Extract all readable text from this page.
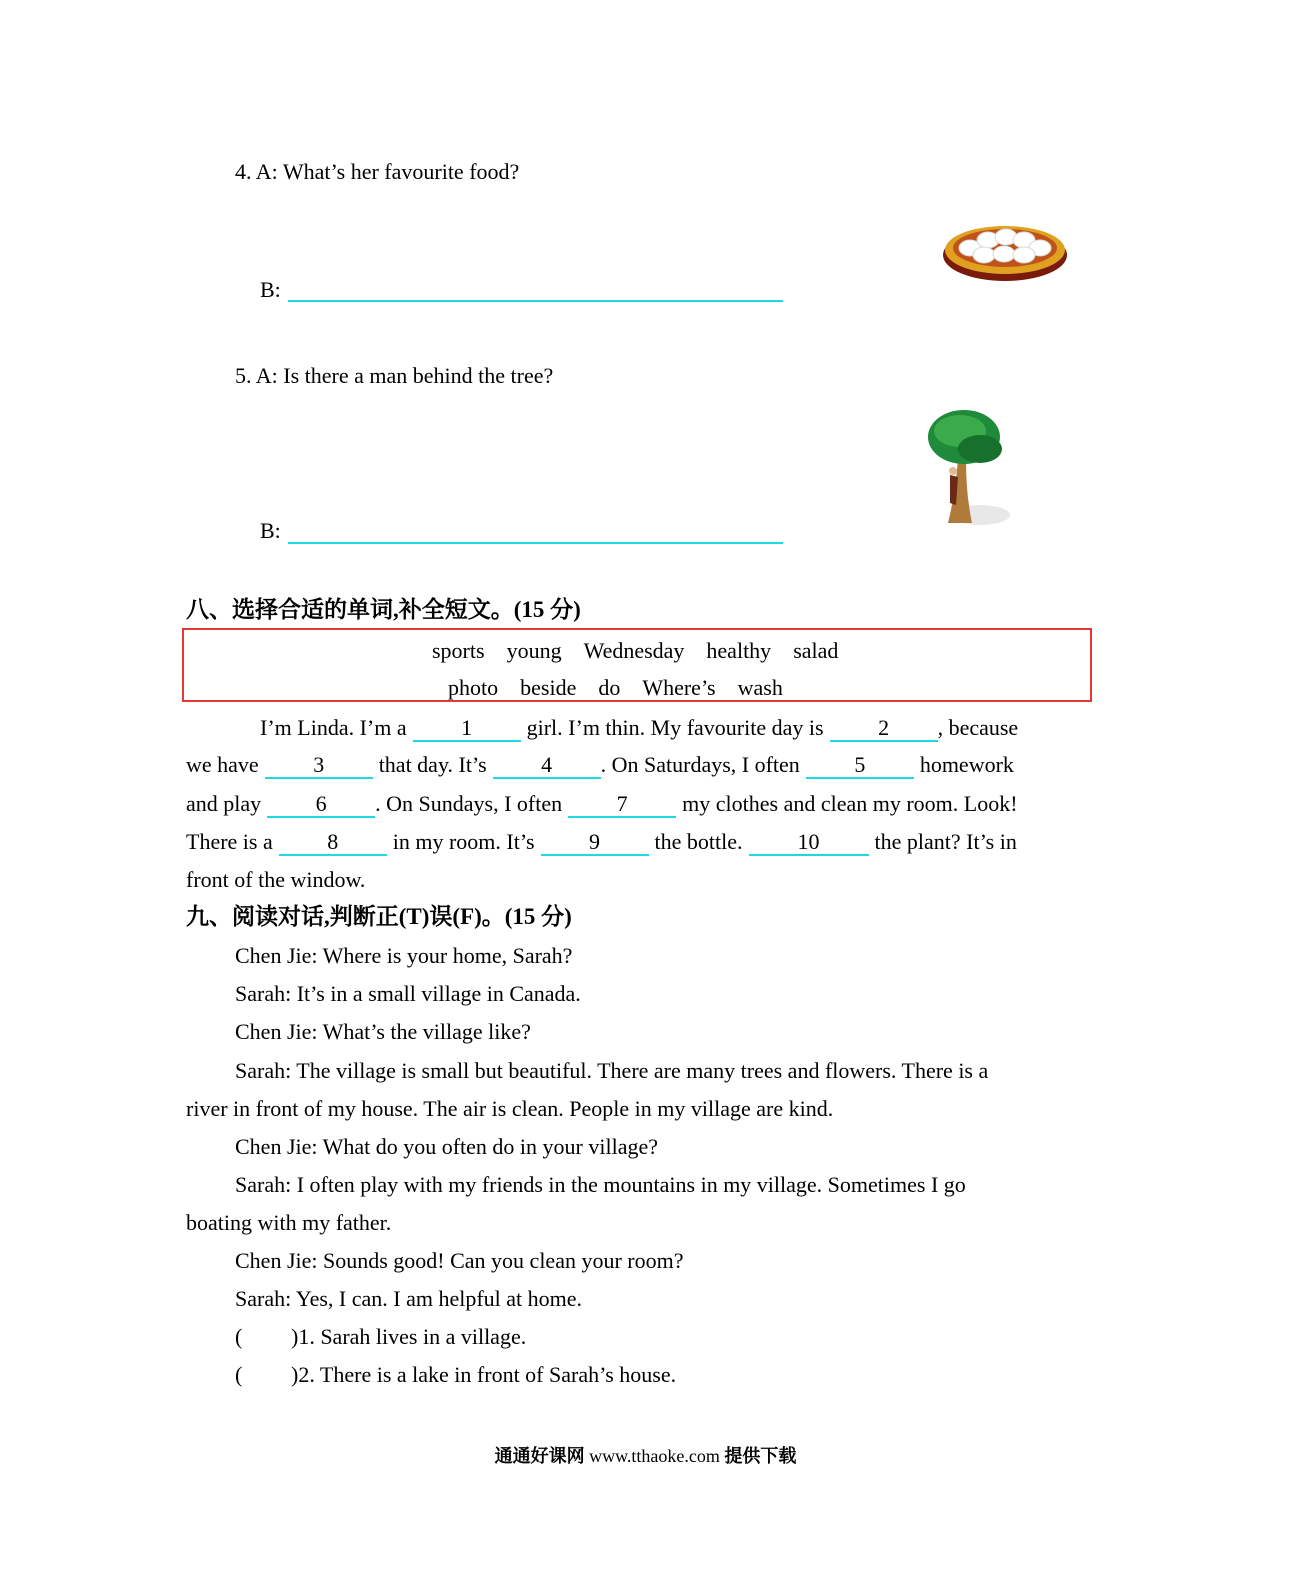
4. A: What’s her favourite food?
B:
5. A: Is there a man behind the tree?
B:
八、选择合适的单词,补全短文。(15 分)
sports young Wednesday healthy salad
photo beside do Where’s wash
I’m Linda. I’m a 1 girl. I’m thin. My favourite day is 2 , because
we have 3 that day. It’s 4 . On Saturdays, I often 5 homework
and play 6 . On Sundays, I often 7 my clothes and clean my room. Look!
There is a 8 in my room. It’s 9 the bottle.	10	the plant? It’s in
front of the window.
九、阅读对话,判断正(T)误(F)。(15 分)
Chen Jie: Where is your home, Sarah?
Sarah: It’s in a small village in Canada.
Chen Jie: What’s the village like?
Sarah: The village is small but beautiful. There are many trees and flowers. There is a
river in front of my house. The air is clean. People in my village are kind.
Chen Jie: What do you often do in your village?
Sarah: I often play with my friends in the mountains in my village. Sometimes I go
boating with my father.
Chen Jie: Sounds good! Can you clean your room?
Sarah: Yes, I can. I am helpful at home.
( )1. Sarah lives in a village.
( )2. There is a lake in front of Sarah’s house.
通通好课网 www.tthaoke.com 提供下载
